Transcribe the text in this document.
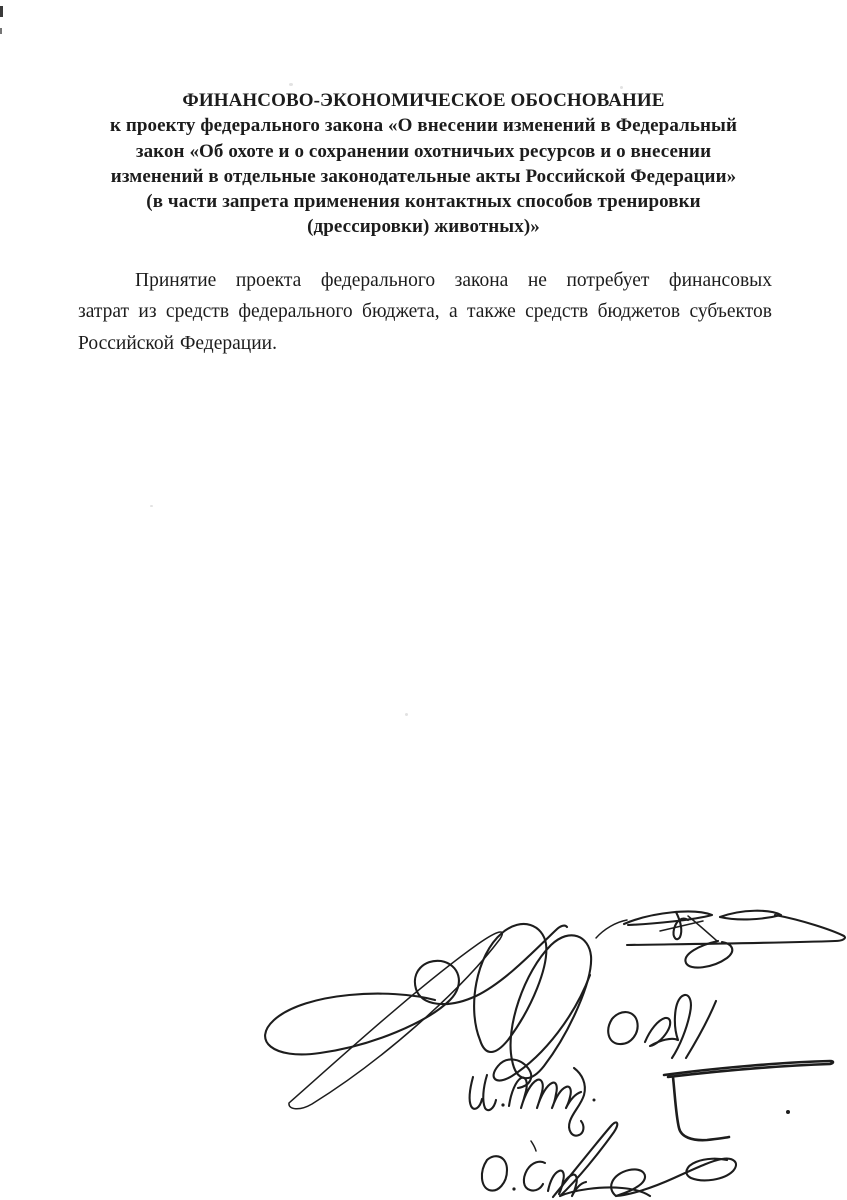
ФИНАНСОВО-ЭКОНОМИЧЕСКОЕ ОБОСНОВАНИЕ
к проекту федерального закона «О внесении изменений в Федеральный
закон «Об охоте и о сохранении охотничьих ресурсов и о внесении
изменений в отдельные законодательные акты Российской Федерации»
(в части запрета применения контактных способов тренировки
(дрессировки) животных)»
Принятие проекта федерального закона не потребует финансовых
затрат из средств федерального бюджета, а также средств бюджетов субъектов
Российской Федерации.
